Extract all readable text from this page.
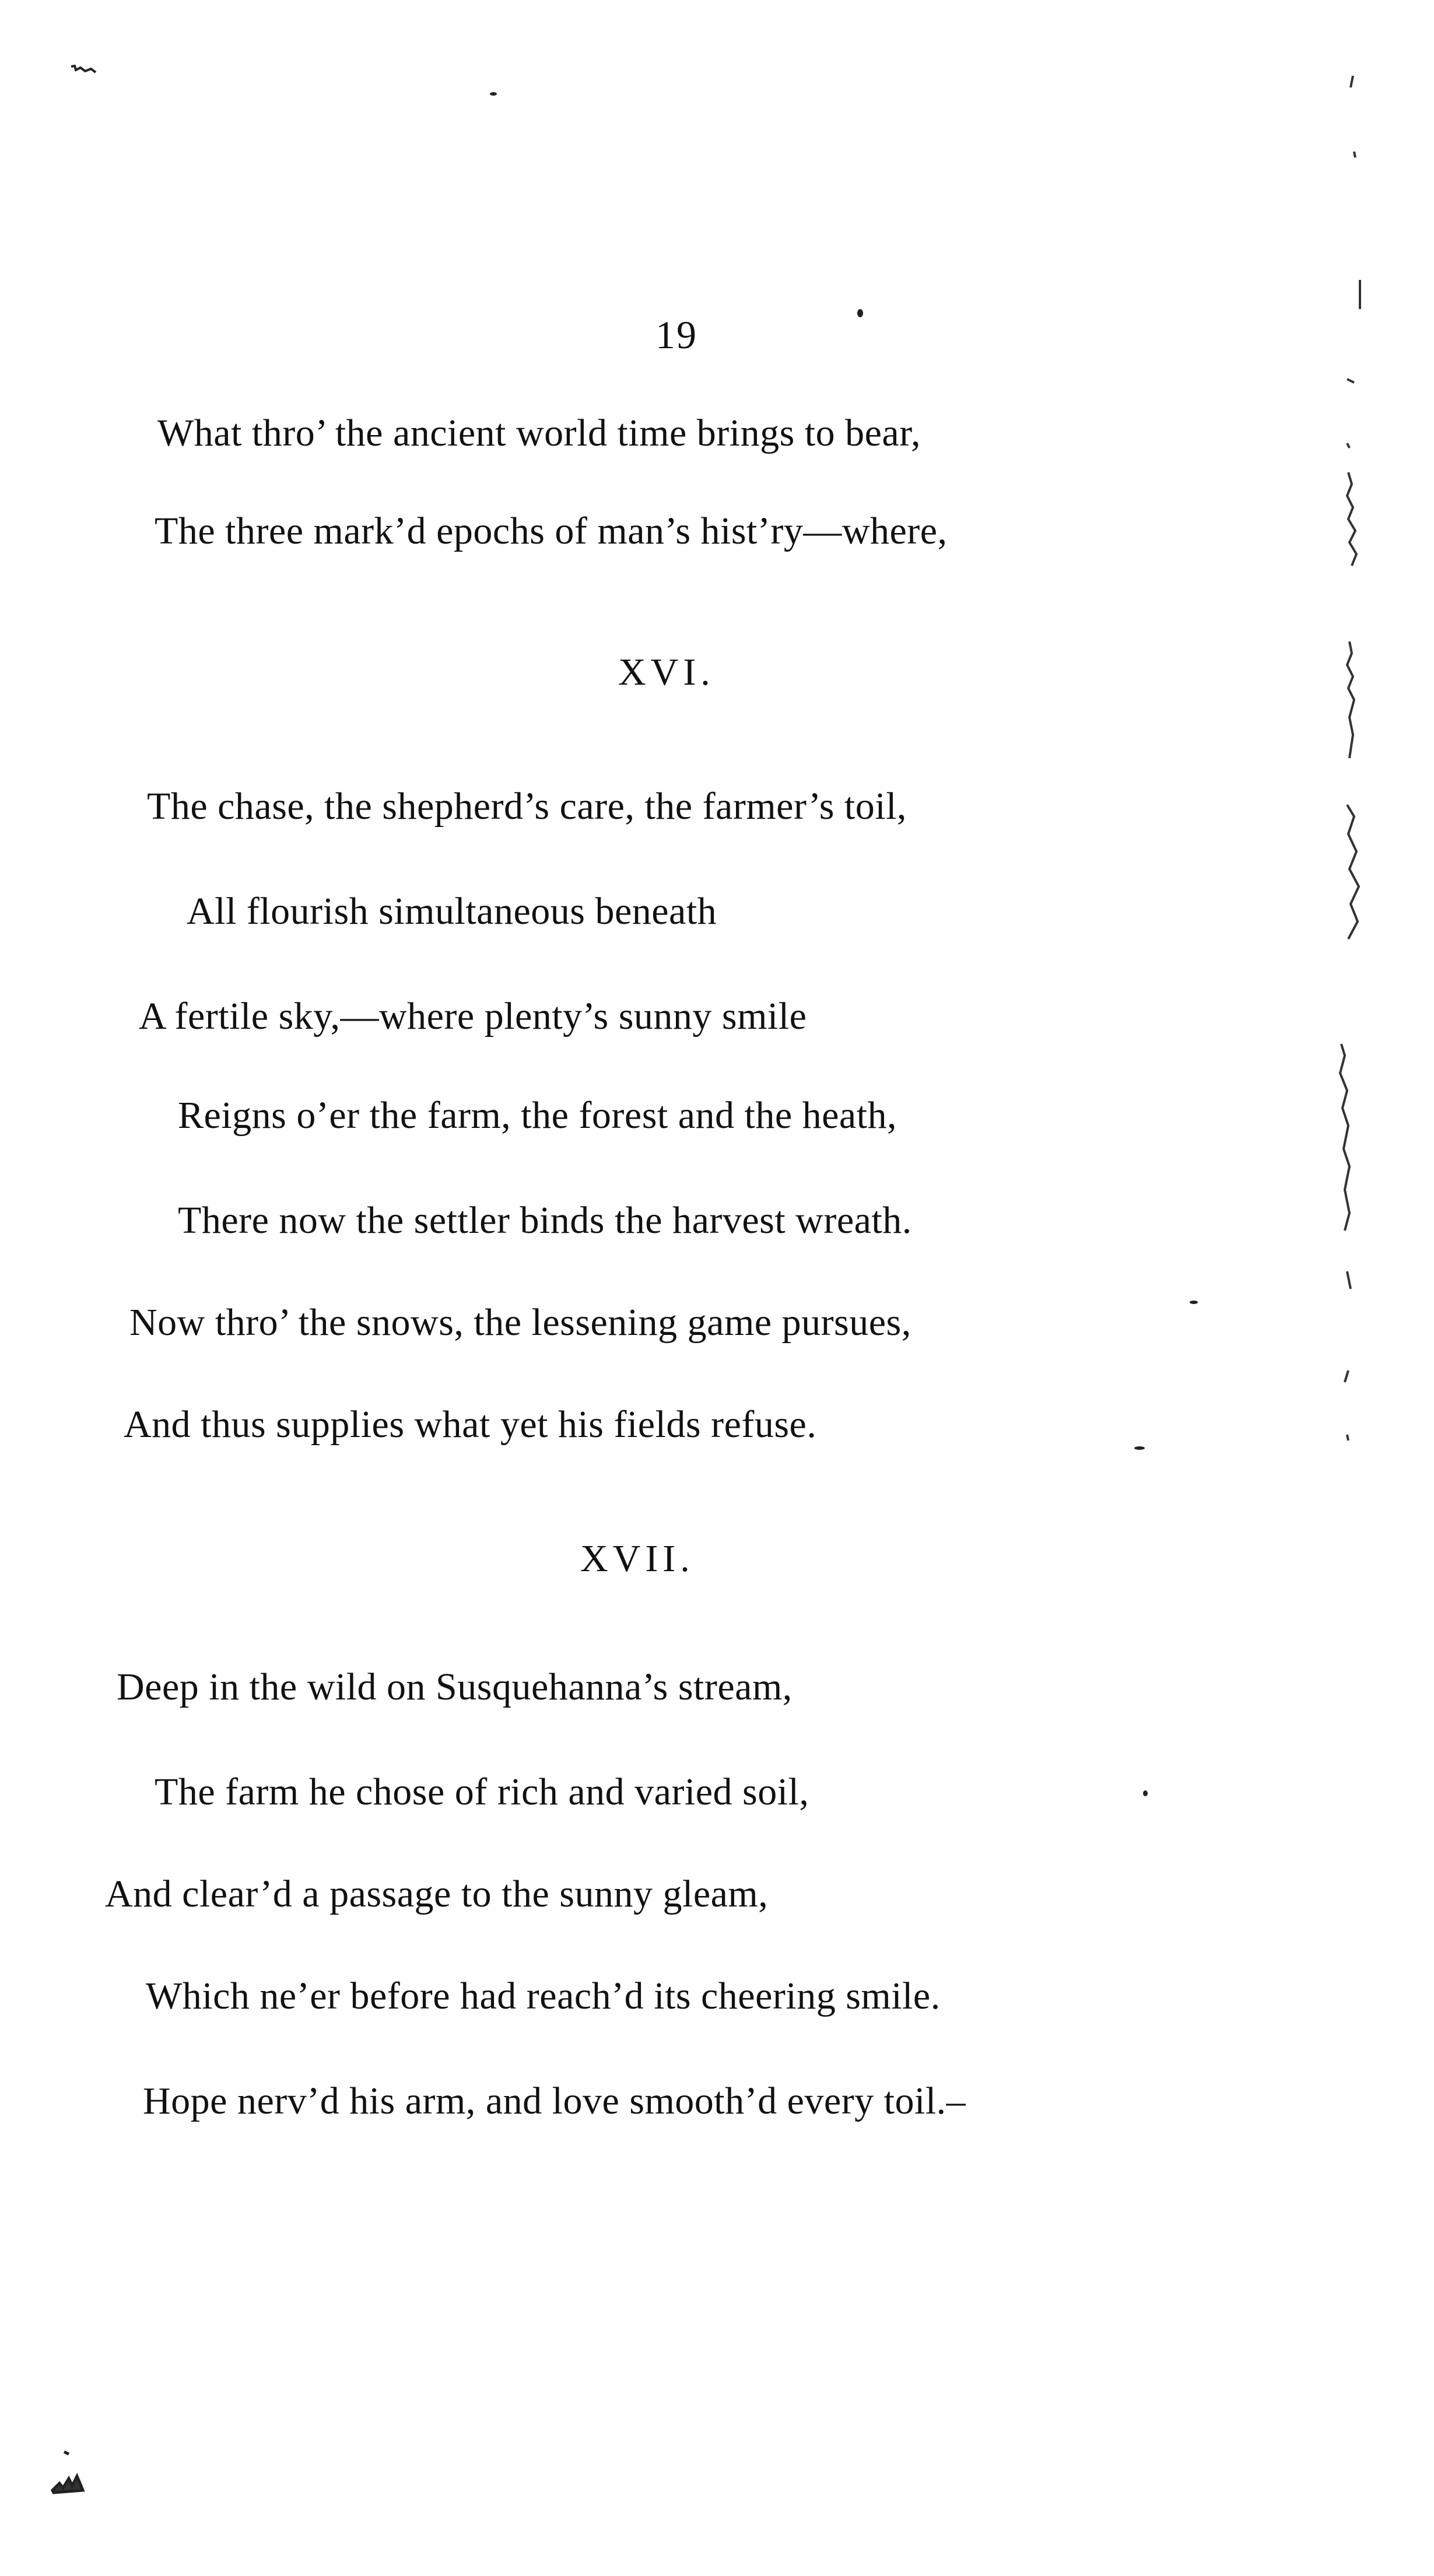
19
What thro’ the ancient world time brings to bear,
The three mark’d epochs of man’s hist’ry—where,
XVI.
The chase, the shepherd’s care, the farmer’s toil,
All flourish simultaneous beneath
A fertile sky,—where plenty’s sunny smile
Reigns o’er the farm, the forest and the heath,
There now the settler binds the harvest wreath.
Now thro’ the snows, the lessening game pursues,
And thus supplies what yet his fields refuse.
XVII.
Deep in the wild on Susquehanna’s stream,
The farm he chose of rich and varied soil,
And clear’d a passage to the sunny gleam,
Which ne’er before had reach’d its cheering smile.
Hope nerv’d his arm, and love smooth’d every toil.–
